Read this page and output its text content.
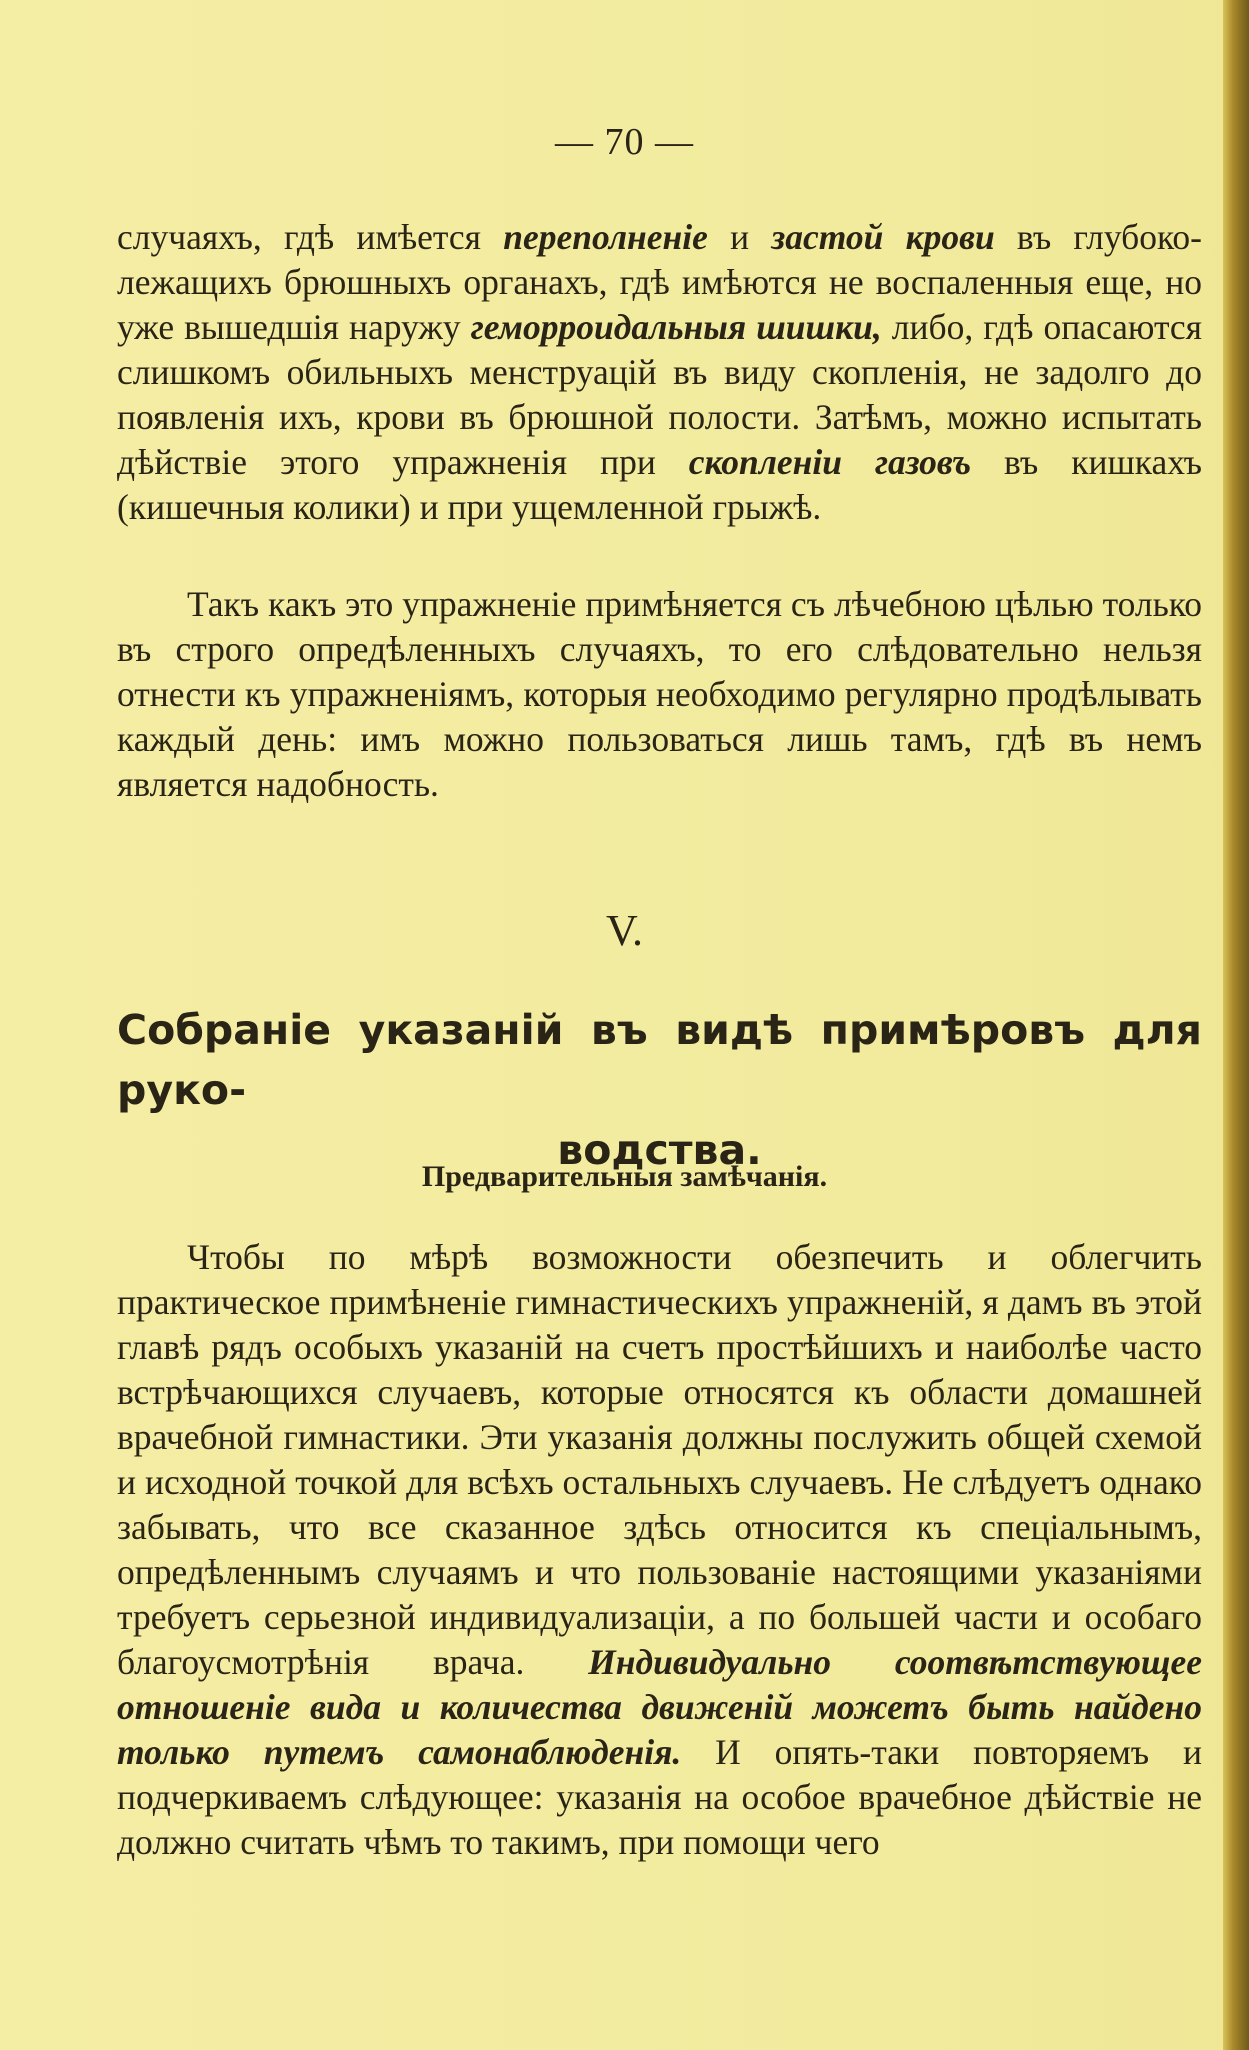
— 70 —
случаяхъ, гдѣ имѣется переполненіе и застой крови въ глубоко-лежащихъ брюшныхъ органахъ, гдѣ имѣются не воспаленныя еще, но уже вышедшія наружу геморроидальныя шишки, либо, гдѣ опасаются слишкомъ обильныхъ менструацій въ виду скопленія, не задолго до появленія ихъ, крови въ брюшной полости. Затѣмъ, можно испытать дѣйствіе этого упражненія при скопленіи газовъ въ кишкахъ (кишечныя колики) и при ущемленной грыжѣ.
Такъ какъ это упражненіе примѣняется съ лѣчебною цѣлью только въ строго опредѣленныхъ случаяхъ, то его слѣдовательно нельзя отнести къ упражненіямъ, которыя необходимо регулярно продѣлывать каждый день: имъ можно пользоваться лишь тамъ, гдѣ въ немъ является надобность.
V.
Собраніе указаній въ видѣ примѣровъ для руко-
водства.
Предварительныя замѣчанія.
Чтобы по мѣрѣ возможности обезпечить и облегчить практическое примѣненіе гимнастическихъ упражненій, я дамъ въ этой главѣ рядъ особыхъ указаній на счетъ простѣйшихъ и наиболѣе часто встрѣчающихся случаевъ, которые относятся къ области домашней врачебной гимнастики. Эти указанія должны послужить общей схемой и исходной точкой для всѣхъ остальныхъ случаевъ. Не слѣдуетъ однако забывать, что все сказанное здѣсь относится къ спеціальнымъ, опредѣленнымъ случаямъ и что пользованіе настоящими указаніями требуетъ серьезной индивидуализаціи, а по большей части и особаго благоусмотрѣнія врача. Индивидуально соотвѣтствующее отношеніе вида и количества движеній можетъ быть найдено только путемъ самонаблюденія. И опять-таки повторяемъ и подчеркиваемъ слѣдующее: указанія на особое врачебное дѣйствіе не должно считать чѣмъ то такимъ, при помощи чего
